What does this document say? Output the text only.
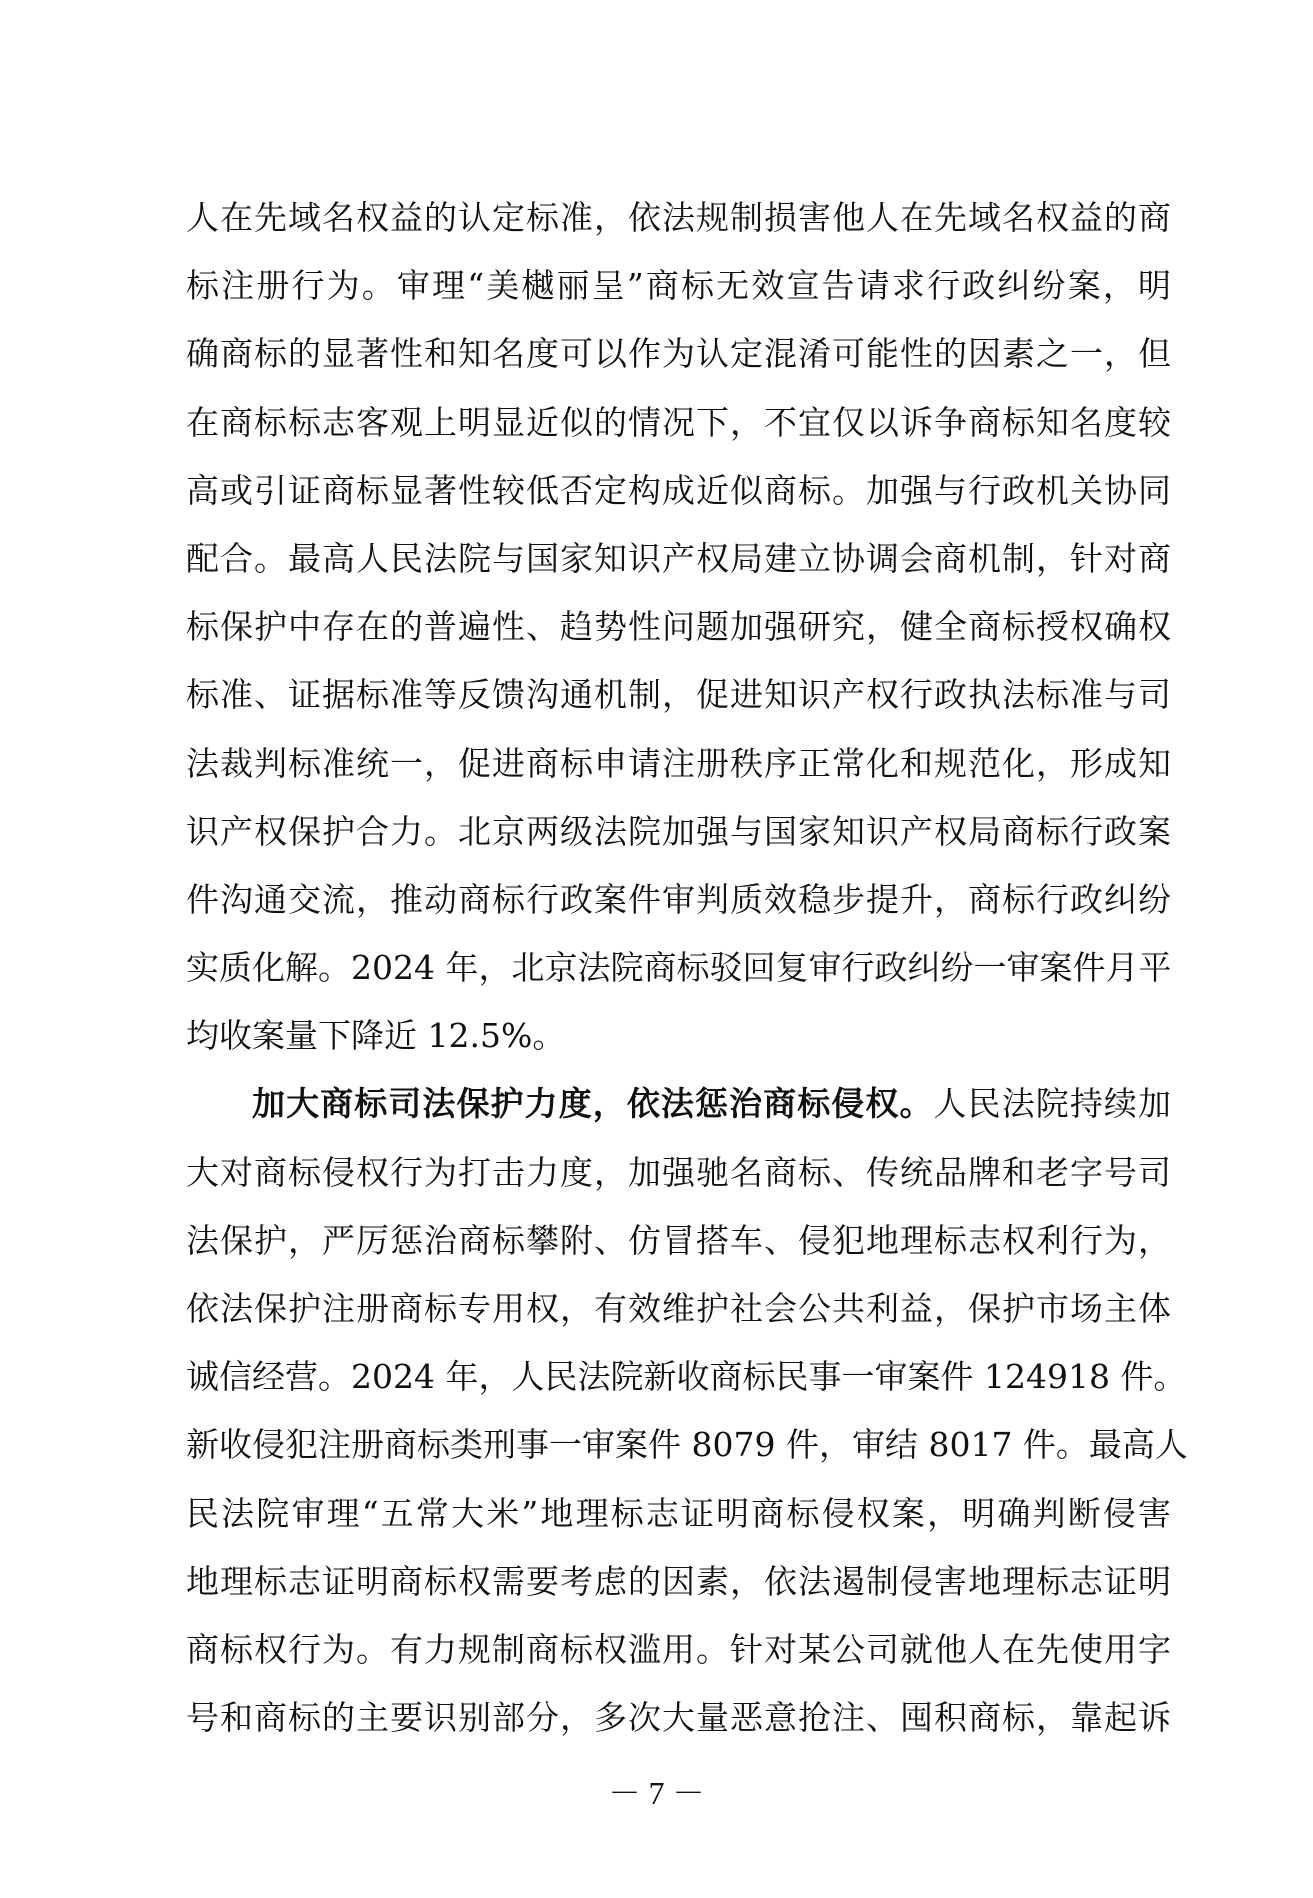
人在先域名权益的认定标准，依法规制损害他人在先域名权益的商
标注册行为。审理“美樾丽呈”商标无效宣告请求行政纠纷案，明
确商标的显著性和知名度可以作为认定混淆可能性的因素之一，但
在商标标志客观上明显近似的情况下，不宜仅以诉争商标知名度较
高或引证商标显著性较低否定构成近似商标。加强与行政机关协同
配合。最高人民法院与国家知识产权局建立协调会商机制，针对商
标保护中存在的普遍性、趋势性问题加强研究，健全商标授权确权
标准、证据标准等反馈沟通机制，促进知识产权行政执法标准与司
法裁判标准统一，促进商标申请注册秩序正常化和规范化，形成知
识产权保护合力。北京两级法院加强与国家知识产权局商标行政案
件沟通交流，推动商标行政案件审判质效稳步提升，商标行政纠纷
实质化解。2024 年，北京法院商标驳回复审行政纠纷一审案件月平
均收案量下降近 12.5%。
加大商标司法保护力度，依法惩治商标侵权。人民法院持续加
大对商标侵权行为打击力度，加强驰名商标、传统品牌和老字号司
法保护，严厉惩治商标攀附、仿冒搭车、侵犯地理标志权利行为，
依法保护注册商标专用权，有效维护社会公共利益，保护市场主体
诚信经营。2024 年，人民法院新收商标民事一审案件 124918 件。
新收侵犯注册商标类刑事一审案件 8079 件，审结 8017 件。最高人
民法院审理“五常大米”地理标志证明商标侵权案，明确判断侵害
地理标志证明商标权需要考虑的因素，依法遏制侵害地理标志证明
商标权行为。有力规制商标权滥用。针对某公司就他人在先使用字
号和商标的主要识别部分，多次大量恶意抢注、囤积商标，靠起诉
－ 7 －
